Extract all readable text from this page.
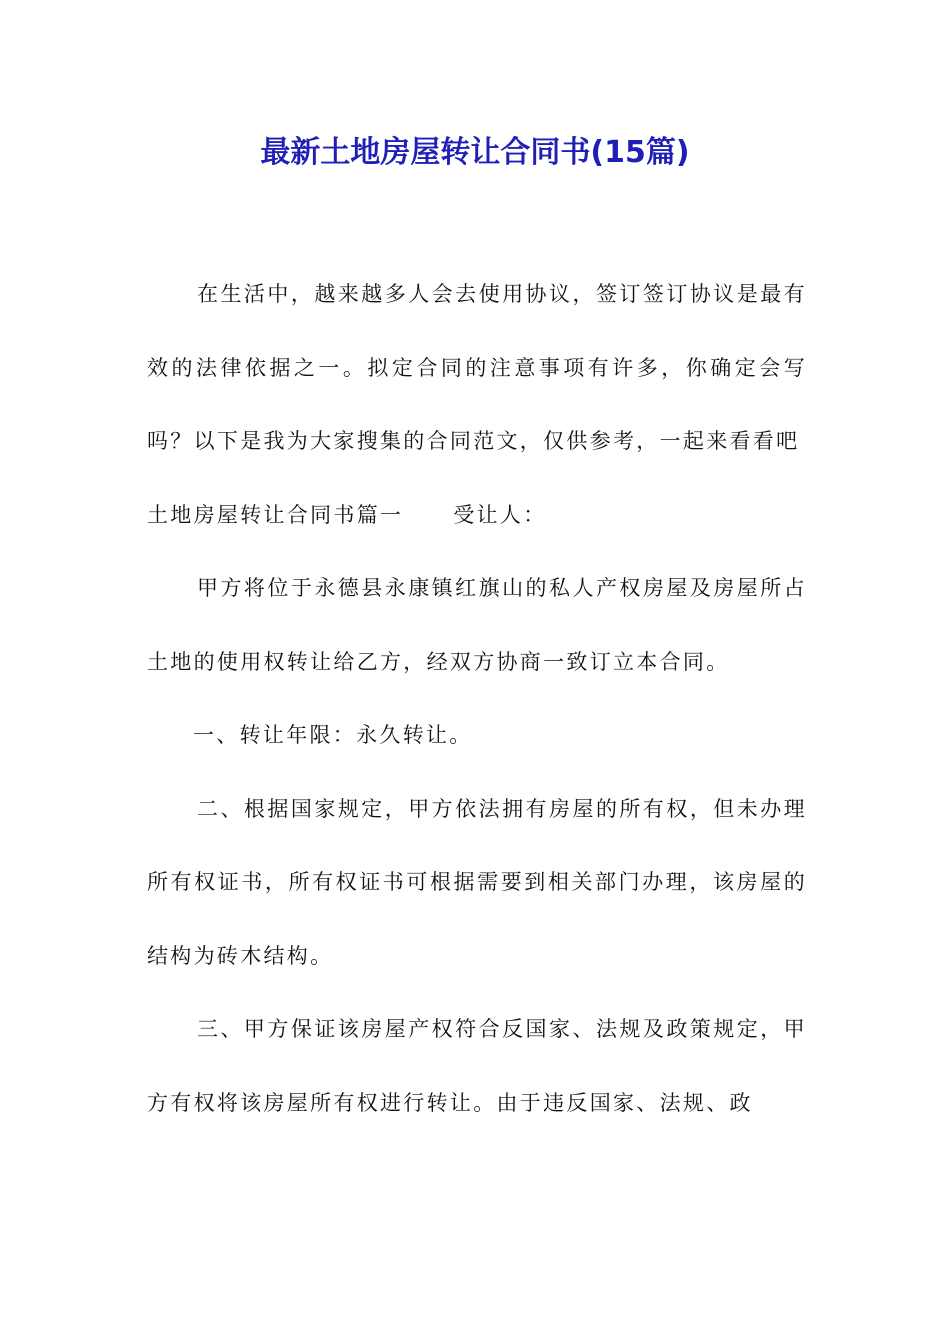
最新土地房屋转让合同书(15篇)

在生活中，越来越多人会去使用协议，签订签订协议是最有效的法律依据之一。拟定合同的注意事项有许多，你确定会写吗？以下是我为大家搜集的合同范文，仅供参考，一起来看看吧

土地房屋转让合同书篇一 受让人：

甲方将位于永德县永康镇红旗山的私人产权房屋及房屋所占土地的使用权转让给乙方，经双方协商一致订立本合同。

一、转让年限：永久转让。

二、根据国家规定，甲方依法拥有房屋的所有权，但未办理所有权证书，所有权证书可根据需要到相关部门办理，该房屋的结构为砖木结构。

三、甲方保证该房屋产权符合反国家、法规及政策规定，甲方有权将该房屋所有权进行转让。由于违反国家、法规、政
